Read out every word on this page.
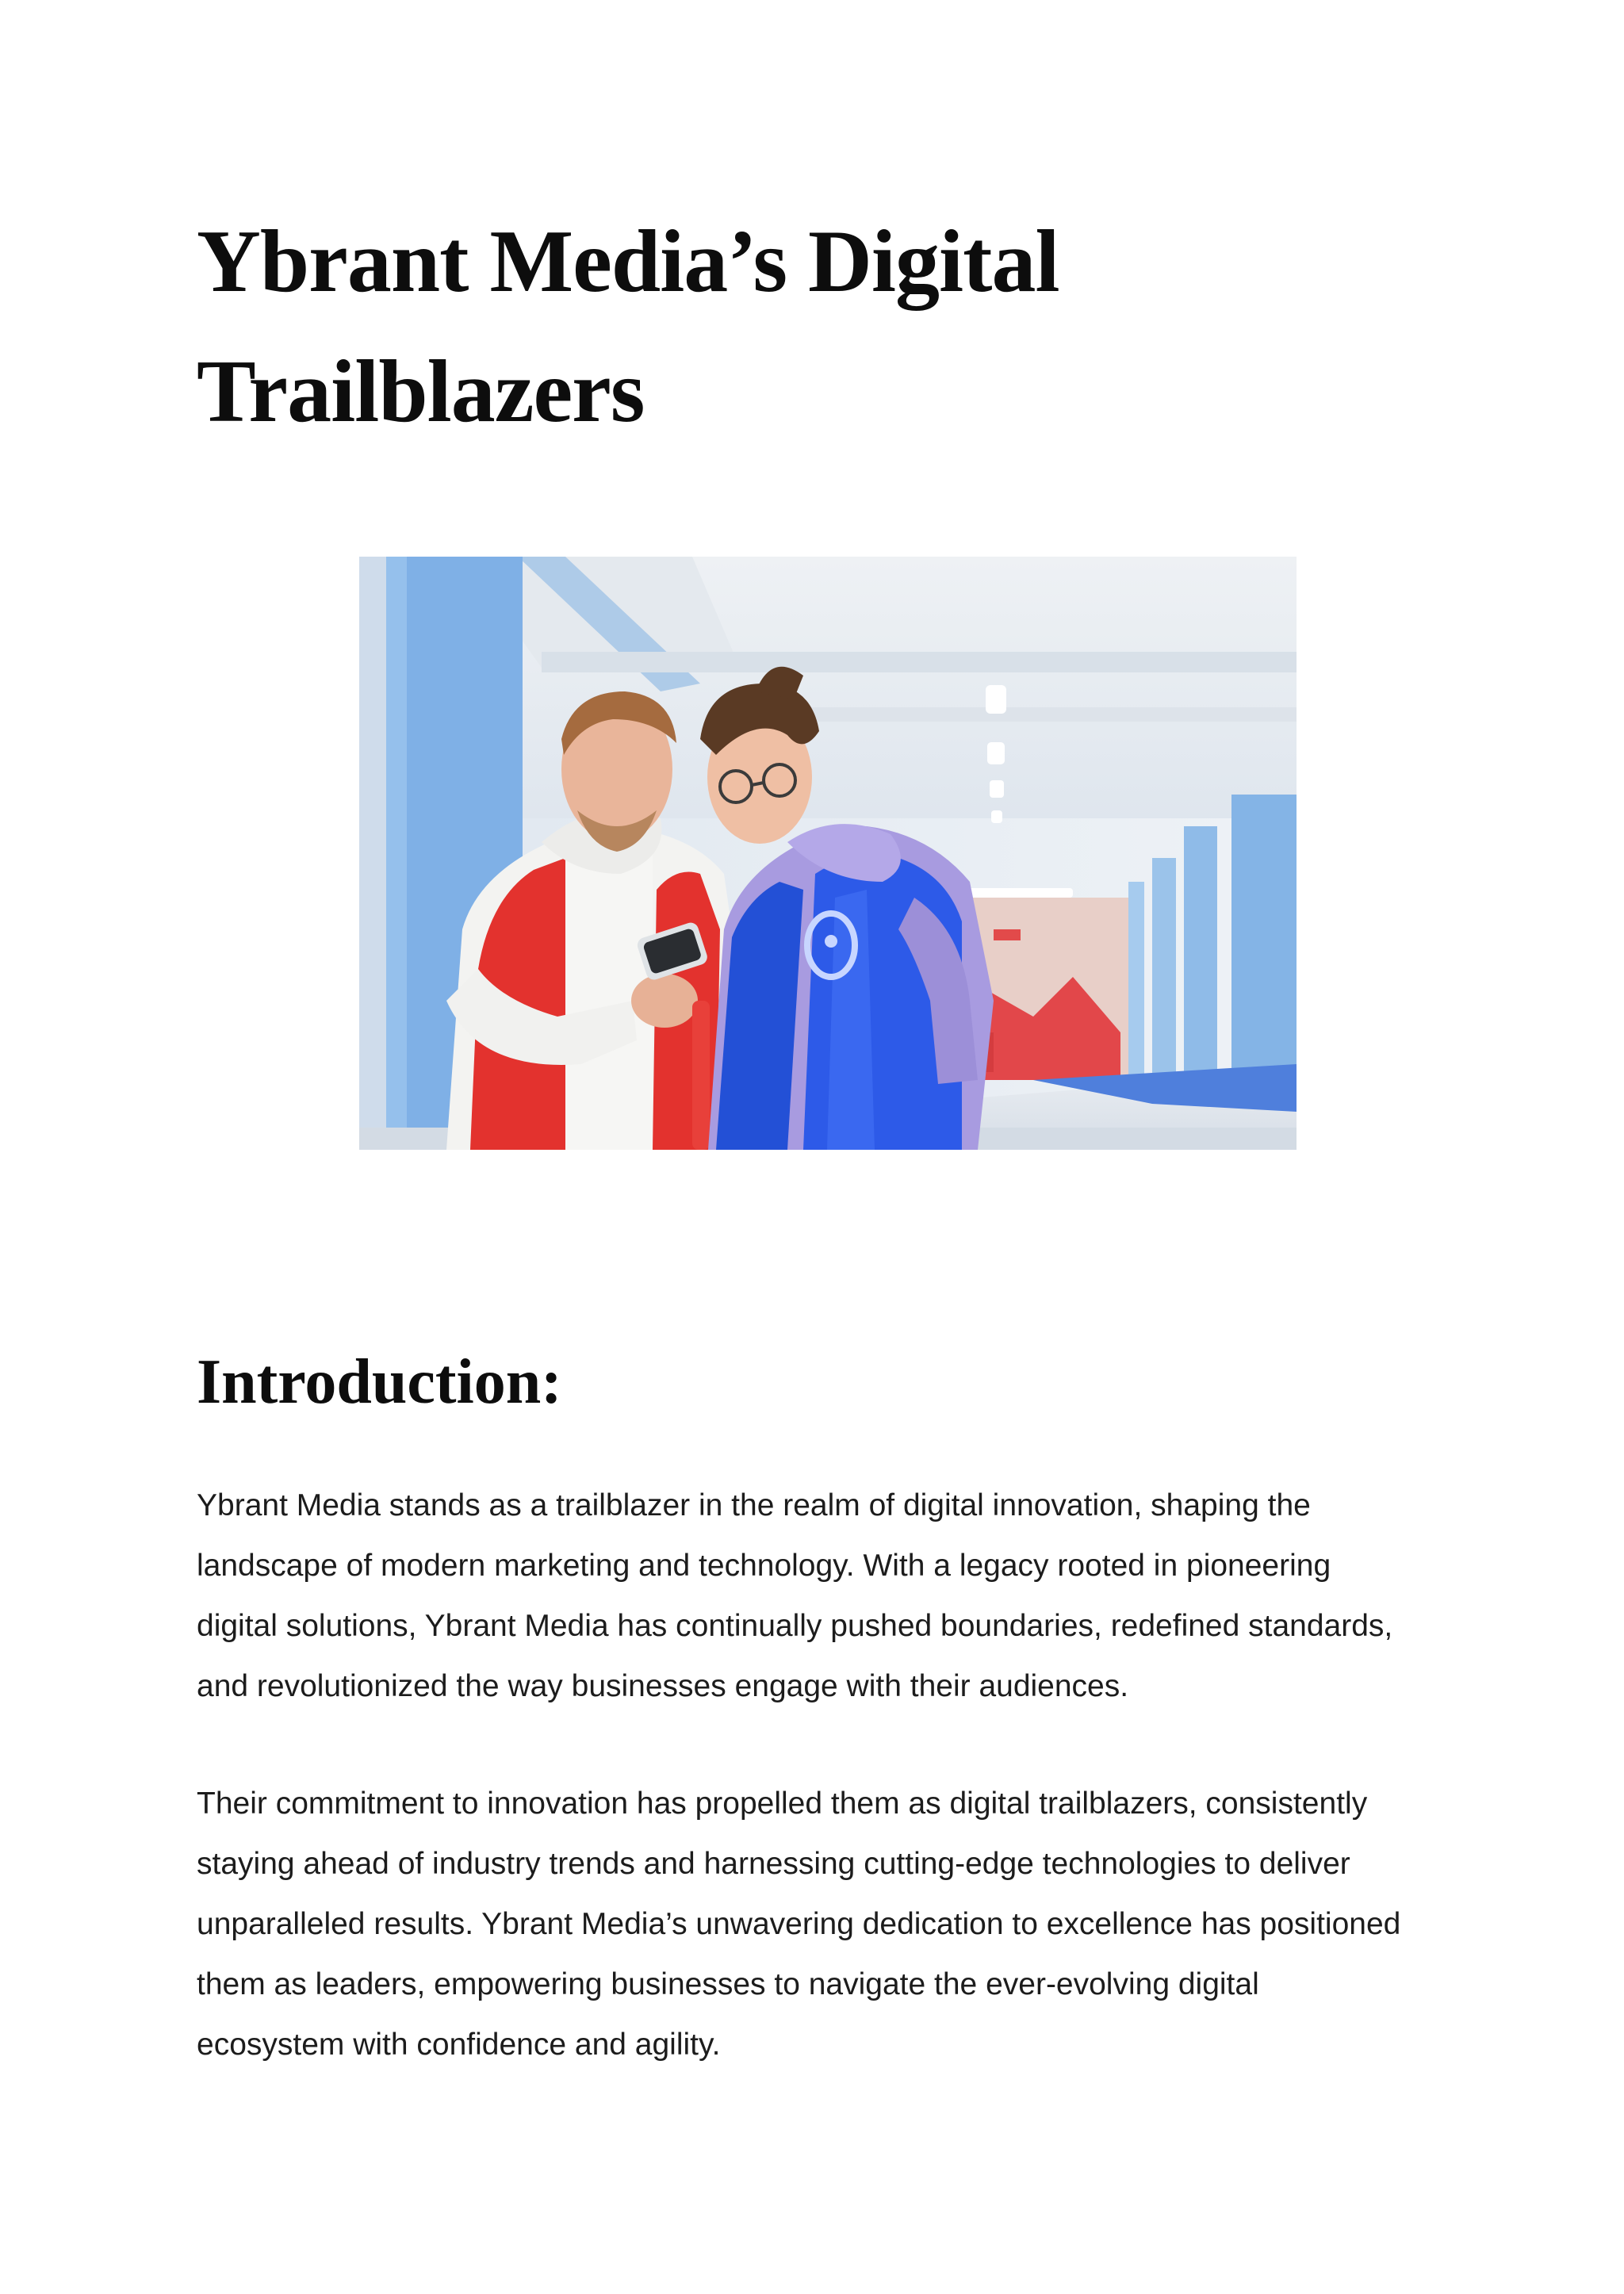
Ybrant Media’s Digital
Trailblazers
Introduction:

Ybrant Media stands as a trailblazer in the realm of digital innovation, shaping the
landscape of modern marketing and technology. With a legacy rooted in pioneering
digital solutions, Ybrant Media has continually pushed boundaries, redefined standards,
and revolutionized the way businesses engage with their audiences.

Their commitment to innovation has propelled them as digital trailblazers, consistently
staying ahead of industry trends and harnessing cutting-edge technologies to deliver
unparalleled results. Ybrant Media’s unwavering dedication to excellence has positioned
them as leaders, empowering businesses to navigate the ever-evolving digital
ecosystem with confidence and agility.
